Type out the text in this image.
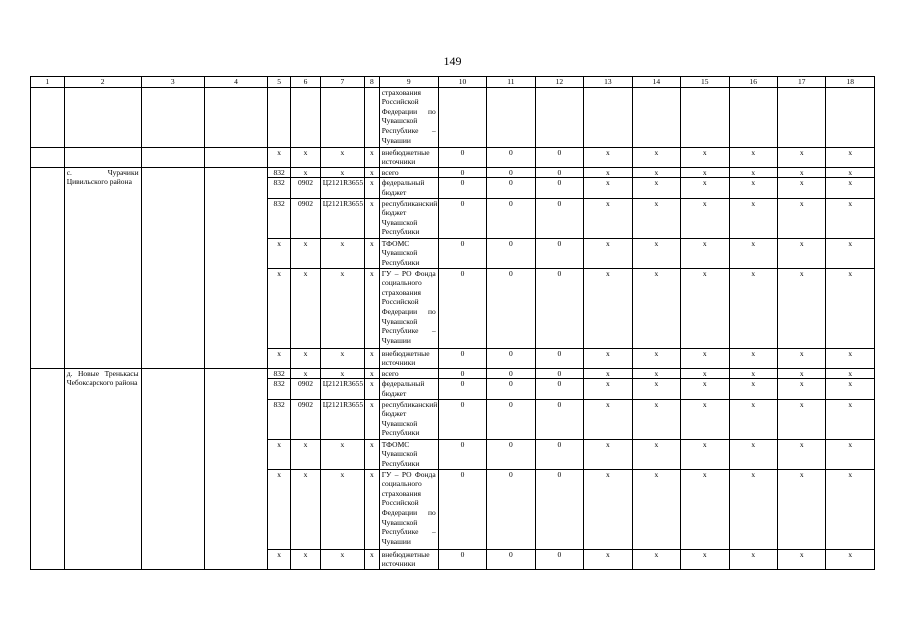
149
1	2	3	4	5	6	7	8	9	10	11	12	13	14	15	16	17	18
								страхования Российской Федерации по Чувашской Республике – Чувашии									
				x	x	x	x	внебюджетные источники	0	0	0	x	x	x	x	x	x
	с. Чурачики Цивильского района			832	x	x	x	всего	0	0	0	x	x	x	x	x	x
				832	0902	Ц2121R3655	x	федеральный бюджет	0	0	0	x	x	x	x	x	x
				832	0902	Ц2121R3655	x	республиканский бюджет Чувашской Республики	0	0	0	x	x	x	x	x	x
				x	x	x	x	ТФОМС Чувашской Республики	0	0	0	x	x	x	x	x	x
				x	x	x	x	ГУ – РО Фонда социального страхования Российской Федерации по Чувашской Республике – Чувашии	0	0	0	x	x	x	x	x	x
				x	x	x	x	внебюджетные источники	0	0	0	x	x	x	x	x	x
	д. Новые Тренькасы Чебоксарского района			832	x	x	x	всего	0	0	0	x	x	x	x	x	x
				832	0902	Ц2121R3655	x	федеральный бюджет	0	0	0	x	x	x	x	x	x
				832	0902	Ц2121R3655	x	республиканский бюджет Чувашской Республики	0	0	0	x	x	x	x	x	x
				x	x	x	x	ТФОМС Чувашской Республики	0	0	0	x	x	x	x	x	x
				x	x	x	x	ГУ – РО Фонда социального страхования Российской Федерации по Чувашской Республике – Чувашии	0	0	0	x	x	x	x	x	x
				x	x	x	x	внебюджетные источники	0	0	0	x	x	x	x	x	x
